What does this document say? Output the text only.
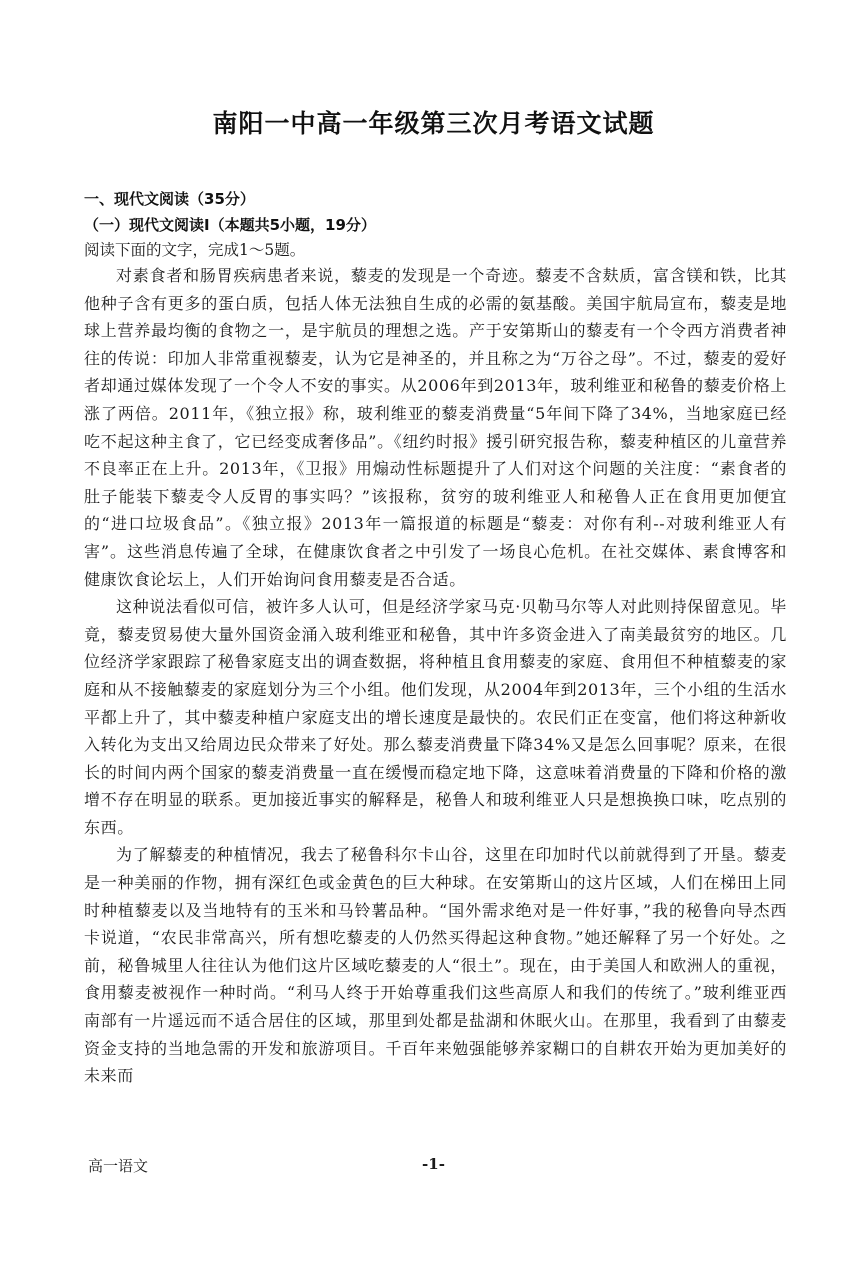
南阳一中高一年级第三次月考语文试题

一、现代文阅读（35分）

（一）现代文阅读I（本题共5小题，19分）

阅读下面的文字，完成1～5题。

对素食者和肠胃疾病患者来说，藜麦的发现是一个奇迹。藜麦不含麸质，富含镁和铁，比其他种子含有更多的蛋白质，包括人体无法独自生成的必需的氨基酸。美国宇航局宣布，藜麦是地球上营养最均衡的食物之一，是宇航员的理想之选。产于安第斯山的藜麦有一个令西方消费者神往的传说：印加人非常重视藜麦，认为它是神圣的，并且称之为“万谷之母”。不过，藜麦的爱好者却通过媒体发现了一个令人不安的事实。从2006年到2013年，玻利维亚和秘鲁的藜麦价格上涨了两倍。2011年，《独立报》称，玻利维亚的藜麦消费量“5年间下降了34%，当地家庭已经吃不起这种主食了，它已经变成奢侈品”。《纽约时报》援引研究报告称，藜麦种植区的儿童营养不良率正在上升。2013年，《卫报》用煽动性标题提升了人们对这个问题的关注度：“素食者的肚子能装下藜麦令人反胃的事实吗？”该报称，贫穷的玻利维亚人和秘鲁人正在食用更加便宜的“进口垃圾食品”。《独立报》2013年一篇报道的标题是“藜麦：对你有利--对玻利维亚人有害”。这些消息传遍了全球，在健康饮食者之中引发了一场良心危机。在社交媒体、素食博客和健康饮食论坛上，人们开始询问食用藜麦是否合适。

这种说法看似可信，被许多人认可，但是经济学家马克·贝勒马尔等人对此则持保留意见。毕竟，藜麦贸易使大量外国资金涌入玻利维亚和秘鲁，其中许多资金进入了南美最贫穷的地区。几位经济学家跟踪了秘鲁家庭支出的调查数据，将种植且食用藜麦的家庭、食用但不种植藜麦的家庭和从不接触藜麦的家庭划分为三个小组。他们发现，从2004年到2013年，三个小组的生活水平都上升了，其中藜麦种植户家庭支出的增长速度是最快的。农民们正在变富，他们将这种新收入转化为支出又给周边民众带来了好处。那么藜麦消费量下降34%又是怎么回事呢？原来，在很长的时间内两个国家的藜麦消费量一直在缓慢而稳定地下降，这意味着消费量的下降和价格的激增不存在明显的联系。更加接近事实的解释是，秘鲁人和玻利维亚人只是想换换口味，吃点别的东西。

为了解藜麦的种植情况，我去了秘鲁科尔卡山谷，这里在印加时代以前就得到了开垦。藜麦是一种美丽的作物，拥有深红色或金黄色的巨大种球。在安第斯山的这片区域，人们在梯田上同时种植藜麦以及当地特有的玉米和马铃薯品种。“国外需求绝对是一件好事，”我的秘鲁向导杰西卡说道，“农民非常高兴，所有想吃藜麦的人仍然买得起这种食物。”她还解释了另一个好处。之前，秘鲁城里人往往认为他们这片区域吃藜麦的人“很土”。现在，由于美国人和欧洲人的重视，食用藜麦被视作一种时尚。“利马人终于开始尊重我们这些高原人和我们的传统了。”玻利维亚西南部有一片遥远而不适合居住的区域，那里到处都是盐湖和休眠火山。在那里，我看到了由藜麦资金支持的当地急需的开发和旅游项目。千百年来勉强能够养家糊口的自耕农开始为更加美好的未来而

高一语文	-1-
